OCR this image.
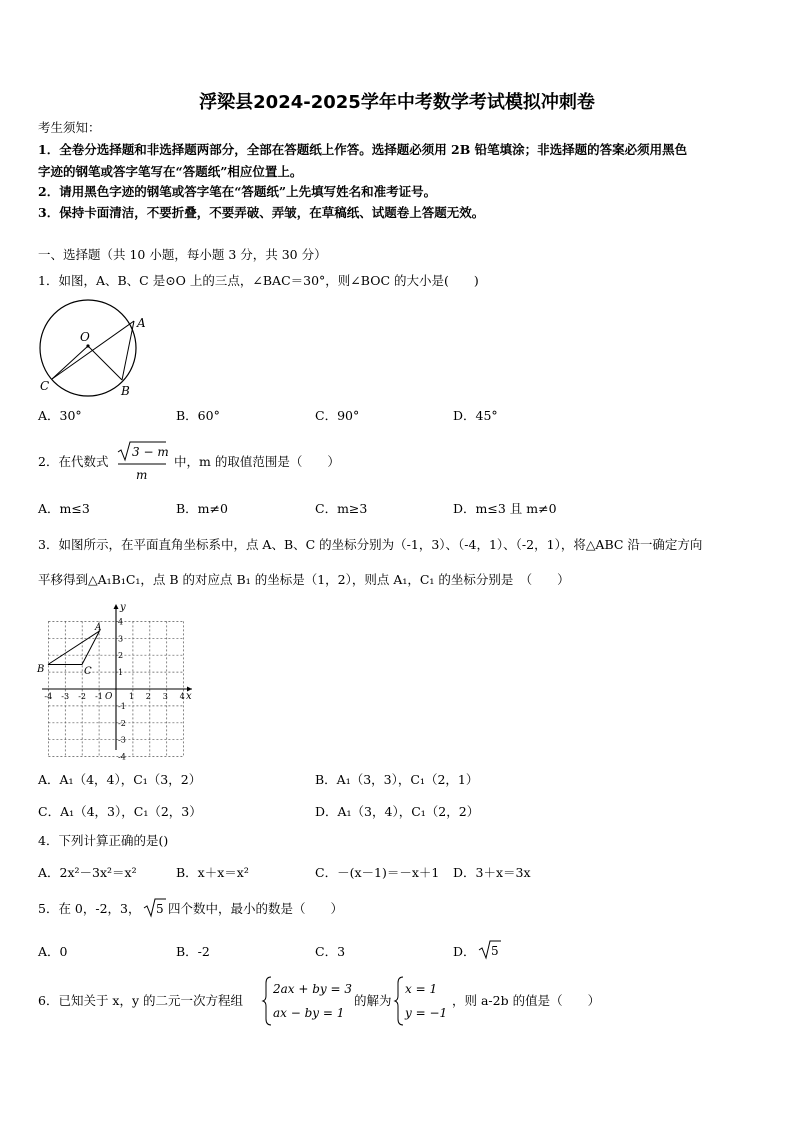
浮梁县2024-2025学年中考数学考试模拟冲刺卷
考生须知：
1．全卷分选择题和非选择题两部分，全部在答题纸上作答。选择题必须用 2B 铅笔填涂；非选择题的答案必须用黑色
字迹的钢笔或答字笔写在“答题纸”相应位置上。
2．请用黑色字迹的钢笔或答字笔在“答题纸”上先填写姓名和准考证号。
3．保持卡面清洁，不要折叠，不要弄破、弄皱，在草稿纸、试题卷上答题无效。
一、选择题（共 10 小题，每小题 3 分，共 30 分）
1．如图，A、B、C 是⊙O 上的三点，∠BAC＝30°，则∠BOC 的大小是(　　)
O
A
B
C
A．30°	B．60°	C．90°	D．45°
2．在代数式
3 − m
m
中，m 的取值范围是（　　）
A．m≤3	B．m≠0	C．m≥3	D．m≤3 且 m≠0
3．如图所示，在平面直角坐标系中，点 A、B、C 的坐标分别为（-1，3）、（-4，1）、（-2，1），将△ABC 沿一确定方向
平移得到△A₁B₁C₁，点 B 的对应点 B₁ 的坐标是（1，2），则点 A₁，C₁ 的坐标分别是　（　　）
x
y
O
-4 -3 -2 -1	1 2 3 4
4
3
2
1
-1
-2
-3
-4
A
B	C
A．A₁（4，4），C₁（3，2）	B．A₁（3，3），C₁（2，1）
C．A₁（4，3），C₁（2，3）	D．A₁（3，4），C₁（2，2）
4．下列计算正确的是()
A．2x²－3x²＝x²	B．x＋x＝x²	C．－(x－1)＝－x＋1 D．3＋x＝3x
5．在 0，-2，3， 5 四个数中，最小的数是（　　）
A．0	B．-2	C．3	D． 5
6．已知关于 x，y 的二元一次方程组
2ax + by = 3
ax − by = 1
的解为
x = 1
y = −1
，则 a-2b 的值是（　　）
